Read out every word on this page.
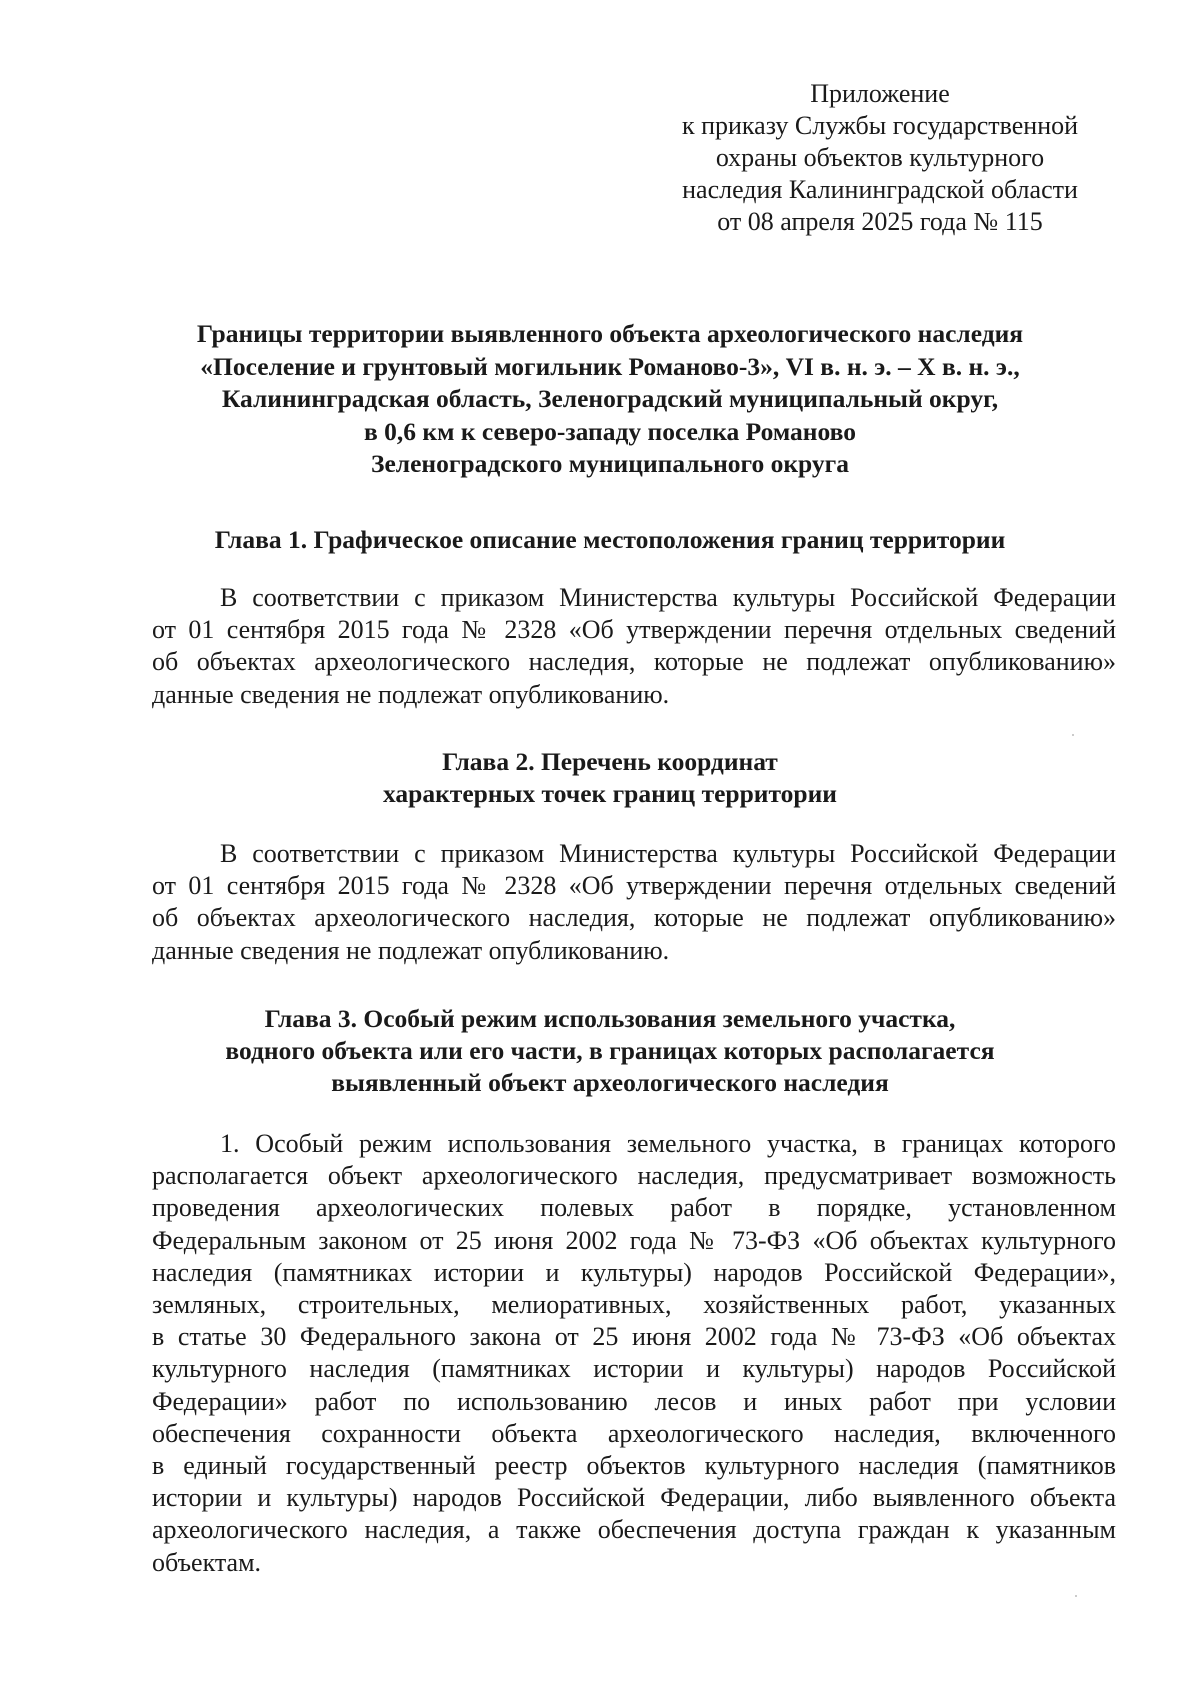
Приложение
к приказу Службы государственной
охраны объектов культурного
наследия Калининградской области
от 08 апреля 2025 года № 115
Границы территории выявленного объекта археологического наследия
«Поселение и грунтовый могильник Романово-3», VI в. н. э. – X в. н. э.,
Калининградская область, Зеленоградский муниципальный округ,
в 0,6 км к северо-западу поселка Романово
Зеленоградского муниципального округа
Глава 1. Графическое описание местоположения границ территории
В соответствии с приказом Министерства культуры Российской Федерации
от 01 сентября 2015 года № 2328 «Об утверждении перечня отдельных сведений
об объектах археологического наследия, которые не подлежат опубликованию»
данные сведения не подлежат опубликованию.
Глава 2. Перечень координат
характерных точек границ территории
В соответствии с приказом Министерства культуры Российской Федерации
от 01 сентября 2015 года № 2328 «Об утверждении перечня отдельных сведений
об объектах археологического наследия, которые не подлежат опубликованию»
данные сведения не подлежат опубликованию.
Глава 3. Особый режим использования земельного участка,
водного объекта или его части, в границах которых располагается
выявленный объект археологического наследия
1. Особый режим использования земельного участка, в границах которого
располагается объект археологического наследия, предусматривает возможность
проведения археологических полевых работ в порядке, установленном
Федеральным законом от 25 июня 2002 года № 73-ФЗ «Об объектах культурного
наследия (памятниках истории и культуры) народов Российской Федерации»,
земляных, строительных, мелиоративных, хозяйственных работ, указанных
в статье 30 Федерального закона от 25 июня 2002 года № 73-ФЗ «Об объектах
культурного наследия (памятниках истории и культуры) народов Российской
Федерации» работ по использованию лесов и иных работ при условии
обеспечения сохранности объекта археологического наследия, включенного
в единый государственный реестр объектов культурного наследия (памятников
истории и культуры) народов Российской Федерации, либо выявленного объекта
археологического наследия, а также обеспечения доступа граждан к указанным
объектам.
